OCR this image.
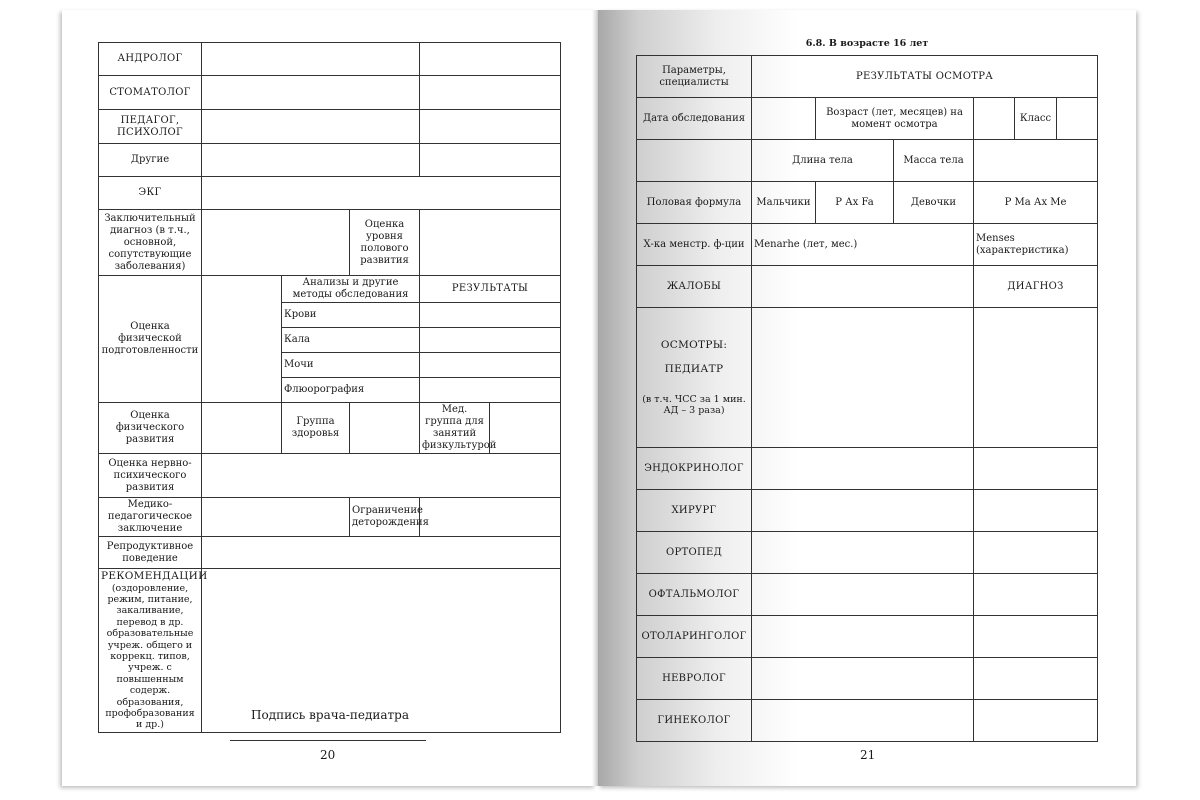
АНДРОЛОГ					
СТОМАТОЛОГ					
ПЕДАГОГ, ПСИХОЛОГ					
Другие					
ЭКГ					
Заключительный диагноз (в т.ч., основной, сопутствующие заболевания)			Оценка уровня полового развития		
Оценка физической подготовленности		Анализы и другие методы обследования		РЕЗУЛЬТАТЫ	
		Крови			
		Кала			
		Мочи			
		Флюорография			
Оценка физического развития		Группа здоровья		Мед. группа для занятий физкультурой	
Оценка нервно-психического развития					
Медико-педагогическое заключение			Ограничение деторождения		
Репродуктивное поведение					

РЕКОМЕНДАЦИИ
(оздоровление, режим, питание, закаливание, перевод в др. образовательные учреж. общего и коррекц. типов, учреж. с повышенным содерж. образования, профобразования и др.)					

Подпись врача-педиатра
20
6.8. В возрасте 16 лет
Параметры, специалисты	РЕЗУЛЬТАТЫ ОСМОТРА					
Дата обследования		Возраст (лет, месяцев) на момент осмотра			Класс	
	Длина тела		Масса тела			
Половая формула	Мальчики	Р Ах Fa	Девочки	Р Ма Ах Ме		
Х-ка менстр. ф-ции	Menarhe (лет, мес.)			Menses (характеристика)		
ЖАЛОБЫ				ДИАГНОЗ		

ОСМОТРЫ:
ПЕДИАТР
(в т.ч. ЧСС за 1 мин. АД – 3 раза)						

ЭНДОКРИНОЛОГ						
ХИРУРГ						
ОРТОПЕД						
ОФТАЛЬМОЛОГ						
ОТОЛАРИНГОЛОГ						
НЕВРОЛОГ						
ГИНЕКОЛОГ						
21
